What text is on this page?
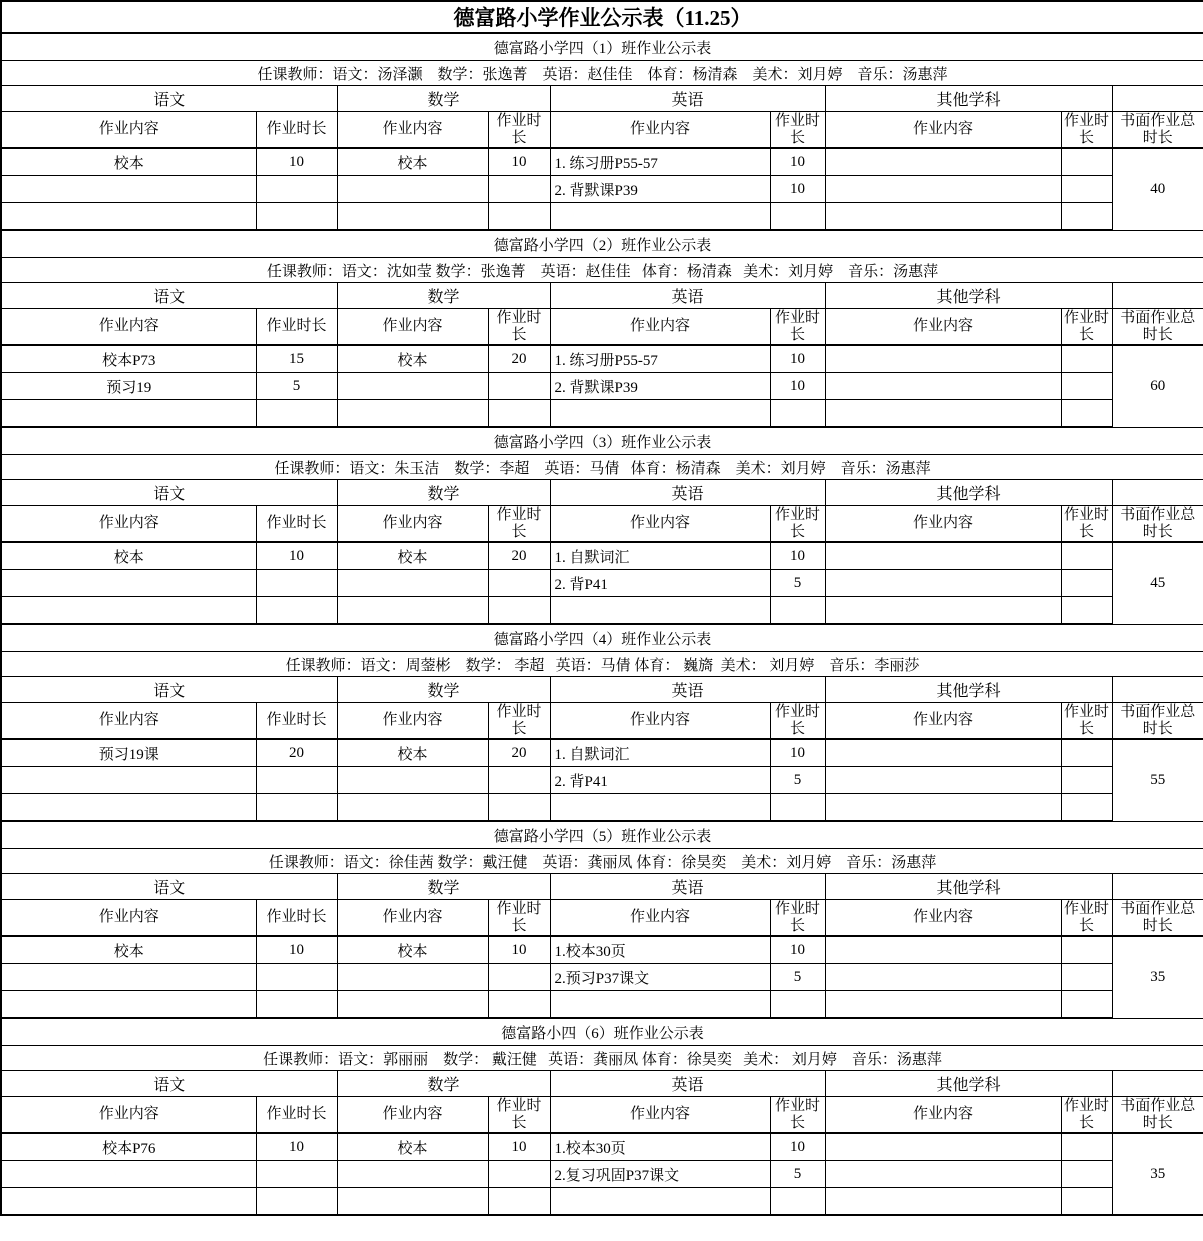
德富路小学作业公示表（11.25）								
德富路小学四（1）班作业公示表								
任课教师：语文：汤泽灏    数学：张逸菁    英语：赵佳佳    体育：杨清森    美术：刘月婷    音乐：汤惠萍								
语文		数学		英语		其他学科		
作业内容	作业时长	作业内容	作业时长	作业内容	作业时长	作业内容	作业时长	书面作业总时长
校本	10	校本	10	1. 练习册P55-57	10			40
				2. 背默课P39	10			

德富路小学四（2）班作业公示表								
任课教师：语文：沈如莹 数学：张逸菁    英语：赵佳佳   体育：杨清森   美术：刘月婷    音乐：汤惠萍								
语文		数学		英语		其他学科		
作业内容	作业时长	作业内容	作业时长	作业内容	作业时长	作业内容	作业时长	书面作业总时长
校本P73	15	校本	20	1. 练习册P55-57	10			60
预习19	5			2. 背默课P39	10			

德富路小学四（3）班作业公示表								
任课教师：语文：朱玉洁    数学：李超    英语：马倩   体育：杨清森    美术：刘月婷    音乐：汤惠萍								
语文		数学		英语		其他学科		
作业内容	作业时长	作业内容	作业时长	作业内容	作业时长	作业内容	作业时长	书面作业总时长
校本	10	校本	20	1. 自默词汇	10			45
				2. 背P41	5			

德富路小学四（4）班作业公示表								
任课教师：语文：周蓥彬    数学： 李超   英语：马倩 体育： 巍旖  美术： 刘月婷    音乐：李丽莎								
语文		数学		英语		其他学科		
作业内容	作业时长	作业内容	作业时长	作业内容	作业时长	作业内容	作业时长	书面作业总时长
预习19课	20	校本	20	1. 自默词汇	10			55
				2. 背P41	5			

德富路小学四（5）班作业公示表								
任课教师：语文：徐佳茜 数学：戴汪健    英语：龚丽凤 体育：徐昊奕    美术：刘月婷    音乐：汤惠萍								
语文		数学		英语		其他学科		
作业内容	作业时长	作业内容	作业时长	作业内容	作业时长	作业内容	作业时长	书面作业总时长
校本	10	校本	10	1.校本30页	10			35
				2.预习P37课文	5			

德富路小四（6）班作业公示表								
任课教师：语文：郭丽丽    数学： 戴汪健   英语：龚丽凤 体育：徐昊奕   美术： 刘月婷    音乐：汤惠萍								
语文		数学		英语		其他学科		
作业内容	作业时长	作业内容	作业时长	作业内容	作业时长	作业内容	作业时长	书面作业总时长
校本P76	10	校本	10	1.校本30页	10			35
				2.复习巩固P37课文	5			
